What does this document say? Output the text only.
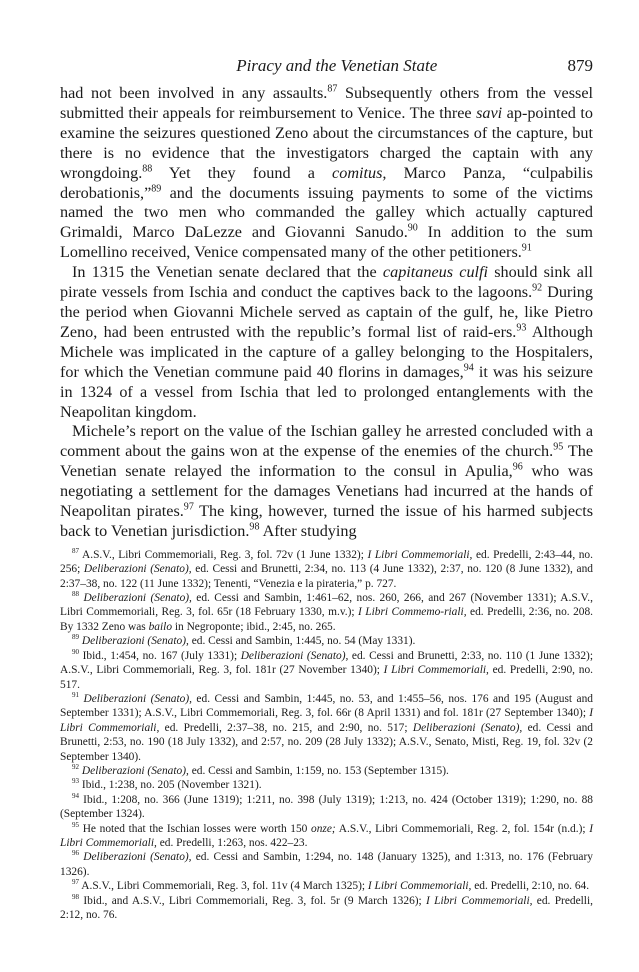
Piracy and the Venetian State	879

had not been involved in any assaults.$^{87}$ Subsequently others from the vessel submitted their appeals for reimbursement to Venice. The three savi ap-pointed to examine the seizures questioned Zeno about the circumstances of the capture, but there is no evidence that the investigators charged the captain with any wrongdoing.$^{88}$ Yet they found a comitus, Marco Panza, “culpabilis derobationis,”$^{89}$ and the documents issuing payments to some of the victims named the two men who commanded the galley which actually captured Grimaldi, Marco DaLezze and Giovanni Sanudo.$^{90}$ In addition to the sum Lomellino received, Venice compensated many of the other petitioners.$^{91}$

In 1315 the Venetian senate declared that the capitaneus culfi should sink all pirate vessels from Ischia and conduct the captives back to the lagoons.$^{92}$ During the period when Giovanni Michele served as captain of the gulf, he, like Pietro Zeno, had been entrusted with the republic’s formal list of raid-ers.$^{93}$ Although Michele was implicated in the capture of a galley belonging to the Hospitalers, for which the Venetian commune paid 40 florins in damages,$^{94}$ it was his seizure in 1324 of a vessel from Ischia that led to prolonged entanglements with the Neapolitan kingdom.

Michele’s report on the value of the Ischian galley he arrested concluded with a comment about the gains won at the expense of the enemies of the church.$^{95}$ The Venetian senate relayed the information to the consul in Apulia,$^{96}$ who was negotiating a settlement for the damages Venetians had incurred at the hands of Neapolitan pirates.$^{97}$ The king, however, turned the issue of his harmed subjects back to Venetian jurisdiction.$^{98}$ After studying

$^{87}$ A.S.V., Libri Commemoriali, Reg. 3, fol. 72v (1 June 1332); I Libri Commemoriali, ed. Predelli, 2:43–44, no. 256; Deliberazioni (Senato), ed. Cessi and Brunetti, 2:34, no. 113 (4 June 1332), 2:37, no. 120 (8 June 1332), and 2:37–38, no. 122 (11 June 1332); Tenenti, “Venezia e la pirateria,” p. 727.

$^{88}$ Deliberazioni (Senato), ed. Cessi and Sambin, 1:461–62, nos. 260, 266, and 267 (November 1331); A.S.V., Libri Commemoriali, Reg. 3, fol. 65r (18 February 1330, m.v.); I Libri Commemo-riali, ed. Predelli, 2:36, no. 208. By 1332 Zeno was bailo in Negroponte; ibid., 2:45, no. 265.

$^{89}$ Deliberazioni (Senato), ed. Cessi and Sambin, 1:445, no. 54 (May 1331).

$^{90}$ Ibid., 1:454, no. 167 (July 1331); Deliberazioni (Senato), ed. Cessi and Brunetti, 2:33, no. 110 (1 June 1332); A.S.V., Libri Commemoriali, Reg. 3, fol. 181r (27 November 1340); I Libri Commemoriali, ed. Predelli, 2:90, no. 517.

$^{91}$ Deliberazioni (Senato), ed. Cessi and Sambin, 1:445, no. 53, and 1:455–56, nos. 176 and 195 (August and September 1331); A.S.V., Libri Commemoriali, Reg. 3, fol. 66r (8 April 1331) and fol. 181r (27 September 1340); I Libri Commemoriali, ed. Predelli, 2:37–38, no. 215, and 2:90, no. 517; Deliberazioni (Senato), ed. Cessi and Brunetti, 2:53, no. 190 (18 July 1332), and 2:57, no. 209 (28 July 1332); A.S.V., Senato, Misti, Reg. 19, fol. 32v (2 September 1340).

$^{92}$ Deliberazioni (Senato), ed. Cessi and Sambin, 1:159, no. 153 (September 1315).

$^{93}$ Ibid., 1:238, no. 205 (November 1321).

$^{94}$ Ibid., 1:208, no. 366 (June 1319); 1:211, no. 398 (July 1319); 1:213, no. 424 (October 1319); 1:290, no. 88 (September 1324).

$^{95}$ He noted that the Ischian losses were worth 150 onze; A.S.V., Libri Commemoriali, Reg. 2, fol. 154r (n.d.); I Libri Commemoriali, ed. Predelli, 1:263, nos. 422–23.

$^{96}$ Deliberazioni (Senato), ed. Cessi and Sambin, 1:294, no. 148 (January 1325), and 1:313, no. 176 (February 1326).

$^{97}$ A.S.V., Libri Commemoriali, Reg. 3, fol. 11v (4 March 1325); I Libri Commemoriali, ed. Predelli, 2:10, no. 64.

$^{98}$ Ibid., and A.S.V., Libri Commemoriali, Reg. 3, fol. 5r (9 March 1326); I Libri Commemoriali, ed. Predelli, 2:12, no. 76.
